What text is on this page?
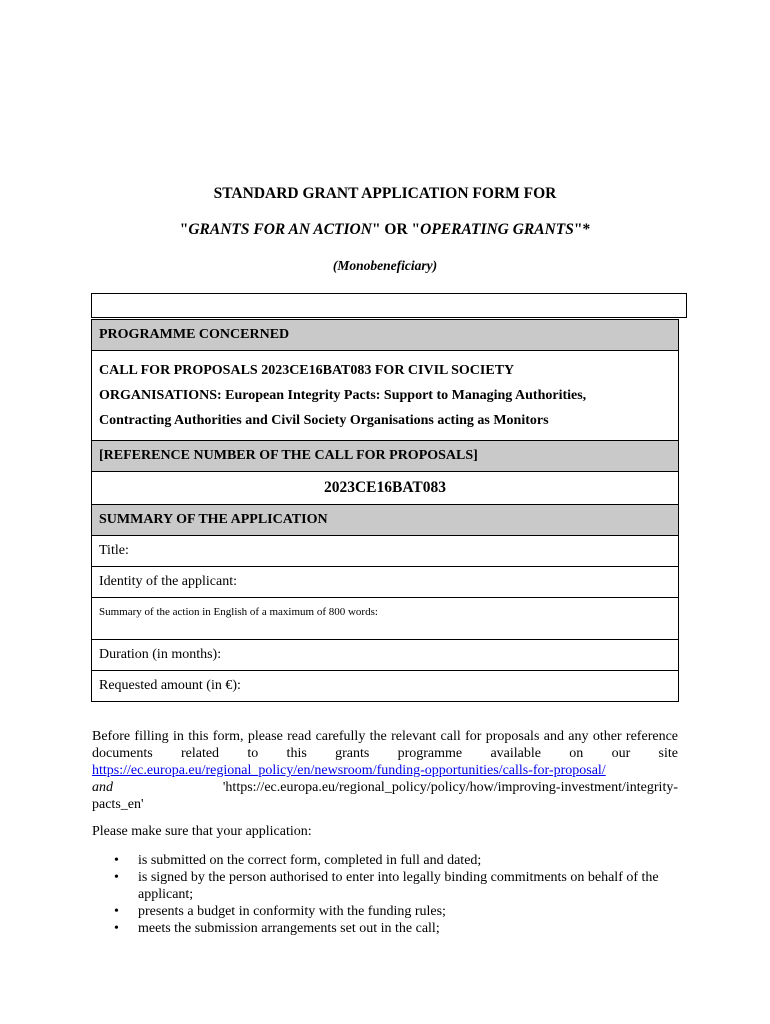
STANDARD GRANT APPLICATION FORM FOR
"GRANTS FOR AN ACTION" OR "OPERATING GRANTS"*
(Monobeneficiary)
PROGRAMME CONCERNED

CALL FOR PROPOSALS 2023CE16BAT083 FOR CIVIL SOCIETY
ORGANISATIONS: European Integrity Pacts: Support to Managing Authorities,
Contracting Authorities and Civil Society Organisations acting as Monitors

[REFERENCE NUMBER OF THE CALL FOR PROPOSALS]
2023CE16BAT083
SUMMARY OF THE APPLICATION
Title:
Identity of the applicant:
Summary of the action in English of a maximum of 800 words:
Duration (in months):
Requested amount (in €):
Before filling in this form, please read carefully the relevant call for proposals and any other reference documents related to this grants programme available on our site https://ec.europa.eu/regional_policy/en/newsroom/funding-opportunities/calls-for-proposal/
and	'https://ec.europa.eu/regional_policy/policy/how/improving-investment/integrity-
pacts_en'
Please make sure that your application:
• is submitted on the correct form, completed in full and dated;
• is signed by the person authorised to enter into legally binding commitments on behalf of the applicant;
• presents a budget in conformity with the funding rules;
• meets the submission arrangements set out in the call;
